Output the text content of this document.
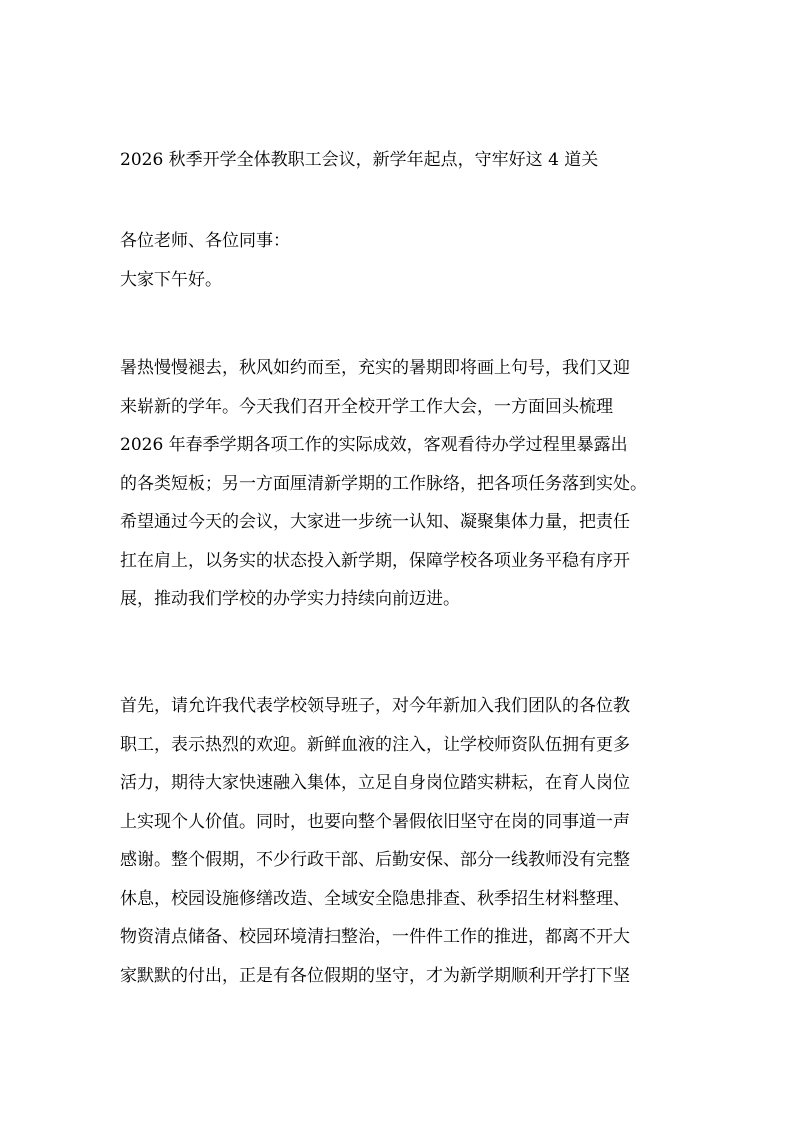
2026 秋季开学全体教职工会议，新学年起点，守牢好这 4 道关
各位老师、各位同事：
大家下午好。
暑热慢慢褪去，秋风如约而至，充实的暑期即将画上句号，我们又迎
来崭新的学年。今天我们召开全校开学工作大会，一方面回头梳理
2026 年春季学期各项工作的实际成效，客观看待办学过程里暴露出
的各类短板；另一方面厘清新学期的工作脉络，把各项任务落到实处。
希望通过今天的会议，大家进一步统一认知、凝聚集体力量，把责任
扛在肩上，以务实的状态投入新学期，保障学校各项业务平稳有序开
展，推动我们学校的办学实力持续向前迈进。
首先，请允许我代表学校领导班子，对今年新加入我们团队的各位教
职工，表示热烈的欢迎。新鲜血液的注入，让学校师资队伍拥有更多
活力，期待大家快速融入集体，立足自身岗位踏实耕耘，在育人岗位
上实现个人价值。同时，也要向整个暑假依旧坚守在岗的同事道一声
感谢。整个假期，不少行政干部、后勤安保、部分一线教师没有完整
休息，校园设施修缮改造、全域安全隐患排查、秋季招生材料整理、
物资清点储备、校园环境清扫整治，一件件工作的推进，都离不开大
家默默的付出，正是有各位假期的坚守，才为新学期顺利开学打下坚
